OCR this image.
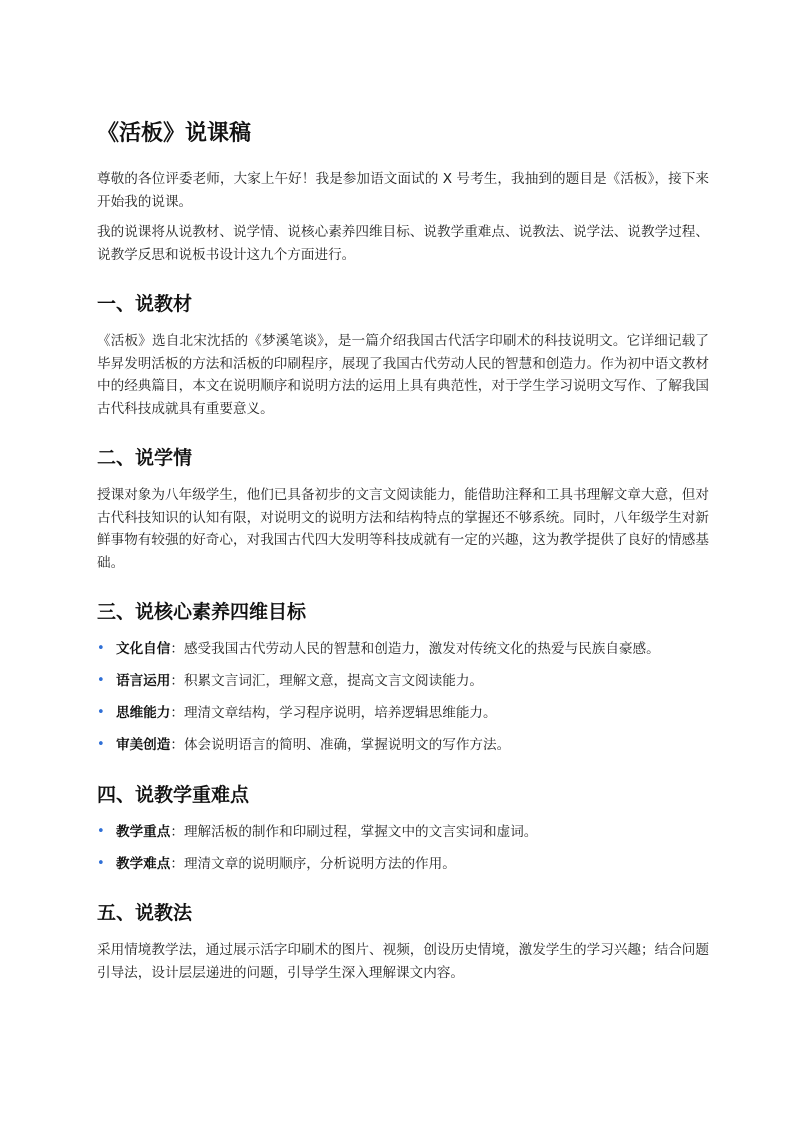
《活板》说课稿

尊敬的各位评委老师，大家上午好！我是参加语文面试的 X 号考生，我抽到的题目是《活板》，接下来开始我的说课。

我的说课将从说教材、说学情、说核心素养四维目标、说教学重难点、说教法、说学法、说教学过程、说教学反思和说板书设计这九个方面进行。

一、说教材

《活板》选自北宋沈括的《梦溪笔谈》，是一篇介绍我国古代活字印刷术的科技说明文。它详细记载了毕昇发明活板的方法和活板的印刷程序，展现了我国古代劳动人民的智慧和创造力。作为初中语文教材中的经典篇目，本文在说明顺序和说明方法的运用上具有典范性，对于学生学习说明文写作、了解我国古代科技成就具有重要意义。

二、说学情

授课对象为八年级学生，他们已具备初步的文言文阅读能力，能借助注释和工具书理解文章大意，但对古代科技知识的认知有限，对说明文的说明方法和结构特点的掌握还不够系统。同时，八年级学生对新鲜事物有较强的好奇心，对我国古代四大发明等科技成就有一定的兴趣，这为教学提供了良好的情感基础。

三、说核心素养四维目标
• 文化自信：感受我国古代劳动人民的智慧和创造力，激发对传统文化的热爱与民族自豪感。
• 语言运用：积累文言词汇，理解文意，提高文言文阅读能力。
• 思维能力：理清文章结构，学习程序说明，培养逻辑思维能力。
• 审美创造：体会说明语言的简明、准确，掌握说明文的写作方法。
四、说教学重难点
• 教学重点：理解活板的制作和印刷过程，掌握文中的文言实词和虚词。
• 教学难点：理清文章的说明顺序，分析说明方法的作用。
五、说教法

采用情境教学法，通过展示活字印刷术的图片、视频，创设历史情境，激发学生的学习兴趣；结合问题引导法，设计层层递进的问题，引导学生深入理解课文内容。
